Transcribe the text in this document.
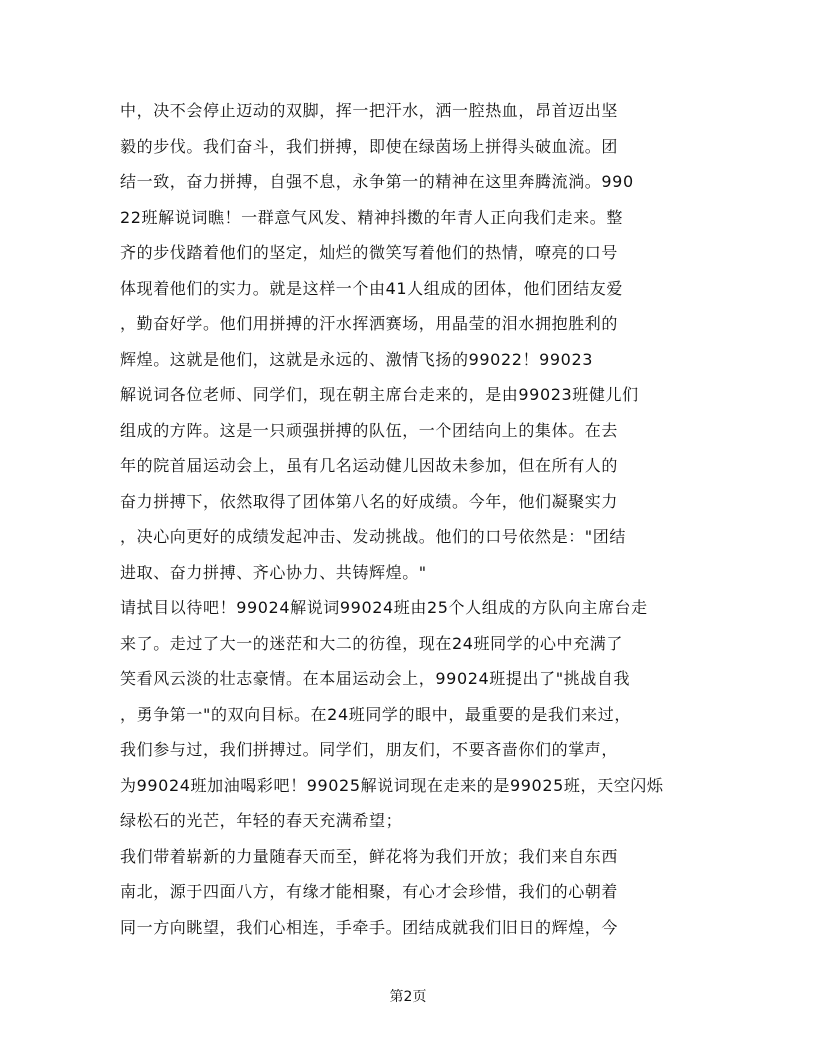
中，决不会停止迈动的双脚，挥一把汗水，洒一腔热血，昂首迈出坚
毅的步伐。我们奋斗，我们拼搏，即使在绿茵场上拼得头破血流。团
结一致，奋力拼搏，自强不息，永争第一的精神在这里奔腾流淌。990
22班解说词瞧！一群意气风发、精神抖擞的年青人正向我们走来。整
齐的步伐踏着他们的坚定，灿烂的微笑写着他们的热情，嘹亮的口号
体现着他们的实力。就是这样一个由41人组成的团体，他们团结友爱
，勤奋好学。他们用拼搏的汗水挥洒赛场，用晶莹的泪水拥抱胜利的
辉煌。这就是他们，这就是永远的、激情飞扬的99022！99023
解说词各位老师、同学们，现在朝主席台走来的，是由99023班健儿们
组成的方阵。这是一只顽强拼搏的队伍，一个团结向上的集体。在去
年的院首届运动会上，虽有几名运动健儿因故未参加，但在所有人的
奋力拼搏下，依然取得了团体第八名的好成绩。今年，他们凝聚实力
，决心向更好的成绩发起冲击、发动挑战。他们的口号依然是："团结
进取、奋力拼搏、齐心协力、共铸辉煌。"
请拭目以待吧！99024解说词99024班由25个人组成的方队向主席台走
来了。走过了大一的迷茫和大二的彷徨，现在24班同学的心中充满了
笑看风云淡的壮志豪情。在本届运动会上，99024班提出了"挑战自我
，勇争第一"的双向目标。在24班同学的眼中，最重要的是我们来过，
我们参与过，我们拼搏过。同学们，朋友们，不要吝啬你们的掌声，
为99024班加油喝彩吧！99025解说词现在走来的是99025班，天空闪烁
绿松石的光芒，年轻的春天充满希望；
我们带着崭新的力量随春天而至，鲜花将为我们开放；我们来自东西
南北，源于四面八方，有缘才能相聚，有心才会珍惜，我们的心朝着
同一方向眺望，我们心相连，手牵手。团结成就我们旧日的辉煌，今
第2页
